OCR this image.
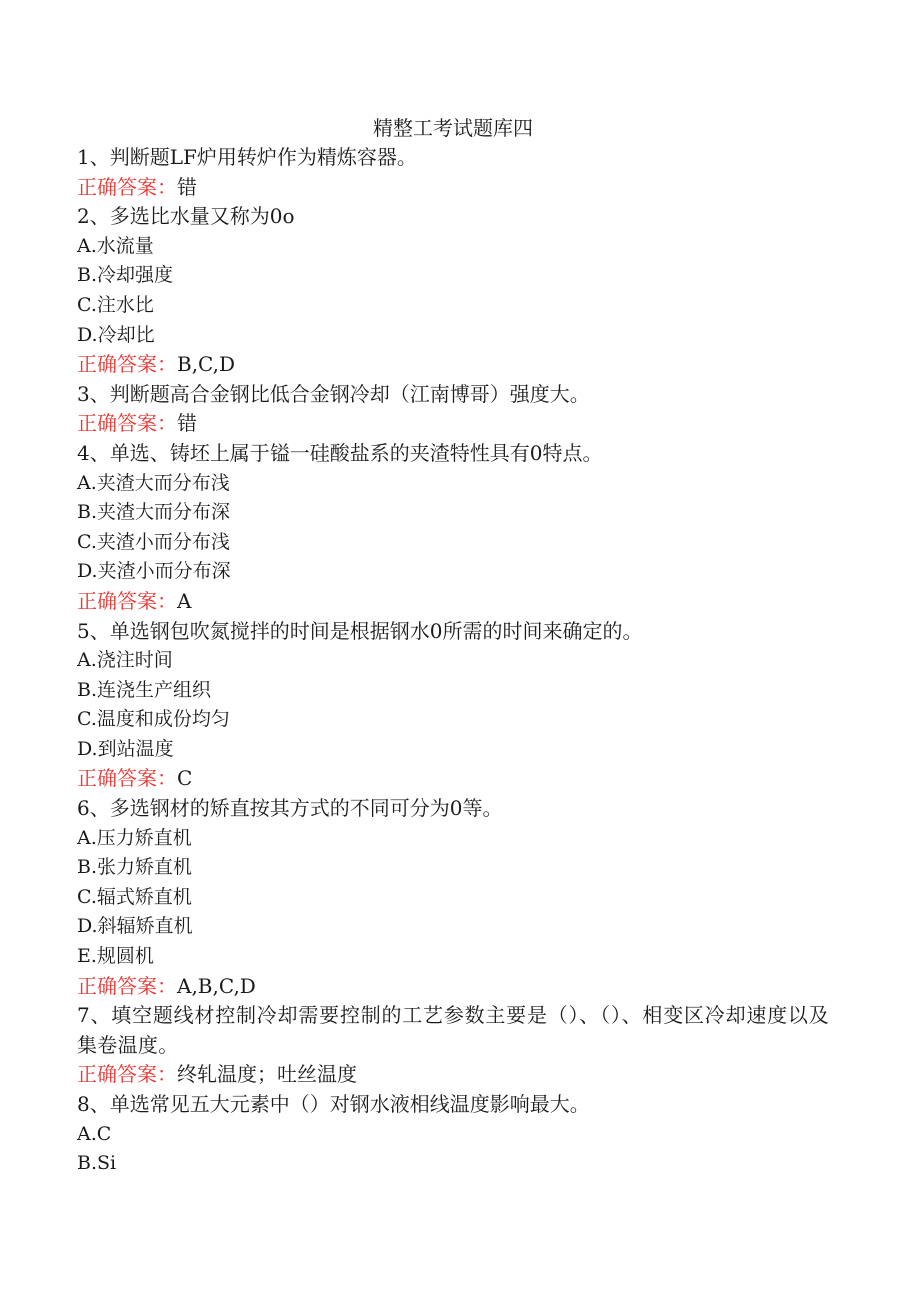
精整工考试题库四

1、判断题LF炉用转炉作为精炼容器。

正确答案：错

2、多选比水量又称为0o

A.水流量

B.冷却强度

C.注水比

D.冷却比

正确答案：B,C,D

3、判断题高合金钢比低合金钢冷却（江南博哥）强度大。

正确答案：错

4、单选、铸坯上属于镒一硅酸盐系的夹渣特性具有0特点。

A.夹渣大而分布浅

B.夹渣大而分布深

C.夹渣小而分布浅

D.夹渣小而分布深

正确答案：A

5、单选钢包吹氮搅拌的时间是根据钢水0所需的时间来确定的。

A.浇注时间

B.连浇生产组织

C.温度和成份均匀

D.到站温度

正确答案：C

6、多选钢材的矫直按其方式的不同可分为0等。

A.压力矫直机

B.张力矫直机

C.辐式矫直机

D.斜辐矫直机

E.规圆机

正确答案：A,B,C,D

7、填空题线材控制冷却需要控制的工艺参数主要是（）、（）、相变区冷却速度以及集卷温度。

正确答案：终轧温度；吐丝温度

8、单选常见五大元素中（）对钢水液相线温度影响最大。

A.C

B.Si
